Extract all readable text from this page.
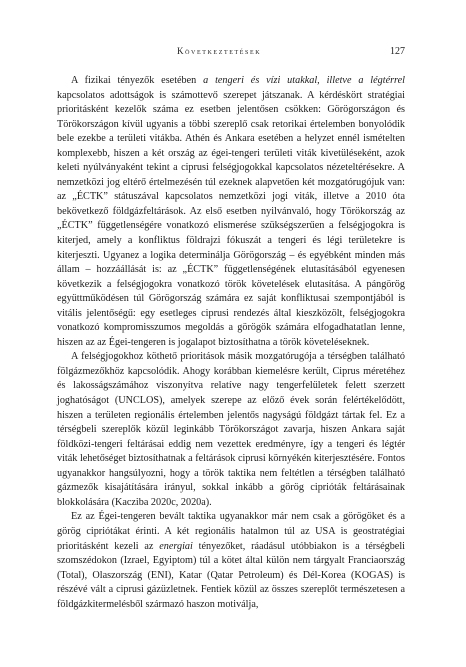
Következtetések	127

A fizikai tényezők esetében a tengeri és vízi utakkal, illetve a légtérrel kapcsolatos adottságok is számottevő szerepet játszanak. A kérdéskört stratégiai prioritásként kezelők száma ez esetben jelentősen csökken: Görögországon és Törökországon kívül ugyanis a többi szereplő csak retorikai értelemben bonyolódik bele ezekbe a területi vitákba. Athén és Ankara esetében a helyzet ennél ismételten komplexebb, hiszen a két ország az égei-tengeri területi viták kivetüléseként, azok keleti nyúlványaként tekint a ciprusi felségjogokkal kapcsolatos nézeteltérésekre. A nemzetközi jog eltérő értelmezésén túl ezeknek alapvetően két mozgatórugójuk van: az „ÉCTK” státuszával kapcsolatos nemzetközi jogi viták, illetve a 2010 óta bekövetkező földgázfeltárások. Az első esetben nyilvánvaló, hogy Törökország az „ÉCTK” függetlenségére vonatkozó elismerése szükségszerűen a felségjogokra is kiterjed, amely a konfliktus földrajzi fókuszát a tengeri és légi területekre is kiterjeszti. Ugyanez a logika determinálja Görögország – és egyébként minden más állam – hozzáállását is: az „ÉCTK” függetlenségének elutasításából egyenesen következik a felségjogokra vonatkozó török követelések elutasítása. A pángörög együttműködésen túl Görögország számára ez saját konfliktusai szempontjából is vitális jelentőségű: egy esetleges ciprusi rendezés által kieszközölt, felségjogokra vonatkozó kompromisszumos megoldás a görögök számára elfogadhatatlan lenne, hiszen az az Égei-tengeren is jogalapot biztosíthatna a török követeléseknek.

A felségjogokhoz köthető prioritások másik mozgatórugója a térségben található fölgázmezőkhöz kapcsolódik. Ahogy korábban kiemelésre került, Ciprus méretéhez és lakosságszámához viszonyítva relatíve nagy tengerfelületek felett szerzett joghatóságot (UNCLOS), amelyek szerepe az előző évek során felértékelődött, hiszen a területen regionális értelemben jelentős nagyságú földgázt tártak fel. Ez a térségbeli szereplők közül leginkább Törökországot zavarja, hiszen Ankara saját földközi-tengeri feltárásai eddig nem vezettek eredményre, így a tengeri és légtér viták lehetőséget biztosíthatnak a feltárások ciprusi környékén kiterjesztésére. Fontos ugyanakkor hangsúlyozni, hogy a török taktika nem feltétlen a térségben található gázmezők kisajátítására irányul, sokkal inkább a görög ciprióták feltárásainak blokkolására (Kacziba 2020c, 2020a).

Ez az Égei-tengeren bevált taktika ugyanakkor már nem csak a görögöket és a görög cipriótákat érinti. A két regionális hatalmon túl az USA is geostratégiai prioritásként kezeli az energiai tényezőket, ráadásul utóbbiakon is a térségbeli szomszédokon (Izrael, Egyiptom) túl a kötet által külön nem tárgyalt Franciaország (Total), Olaszország (ENI), Katar (Qatar Petroleum) és Dél-Korea (KOGAS) is részévé vált a ciprusi gázüzletnek. Fentiek közül az összes szereplőt természetesen a földgázkitermelésből származó haszon motiválja,
